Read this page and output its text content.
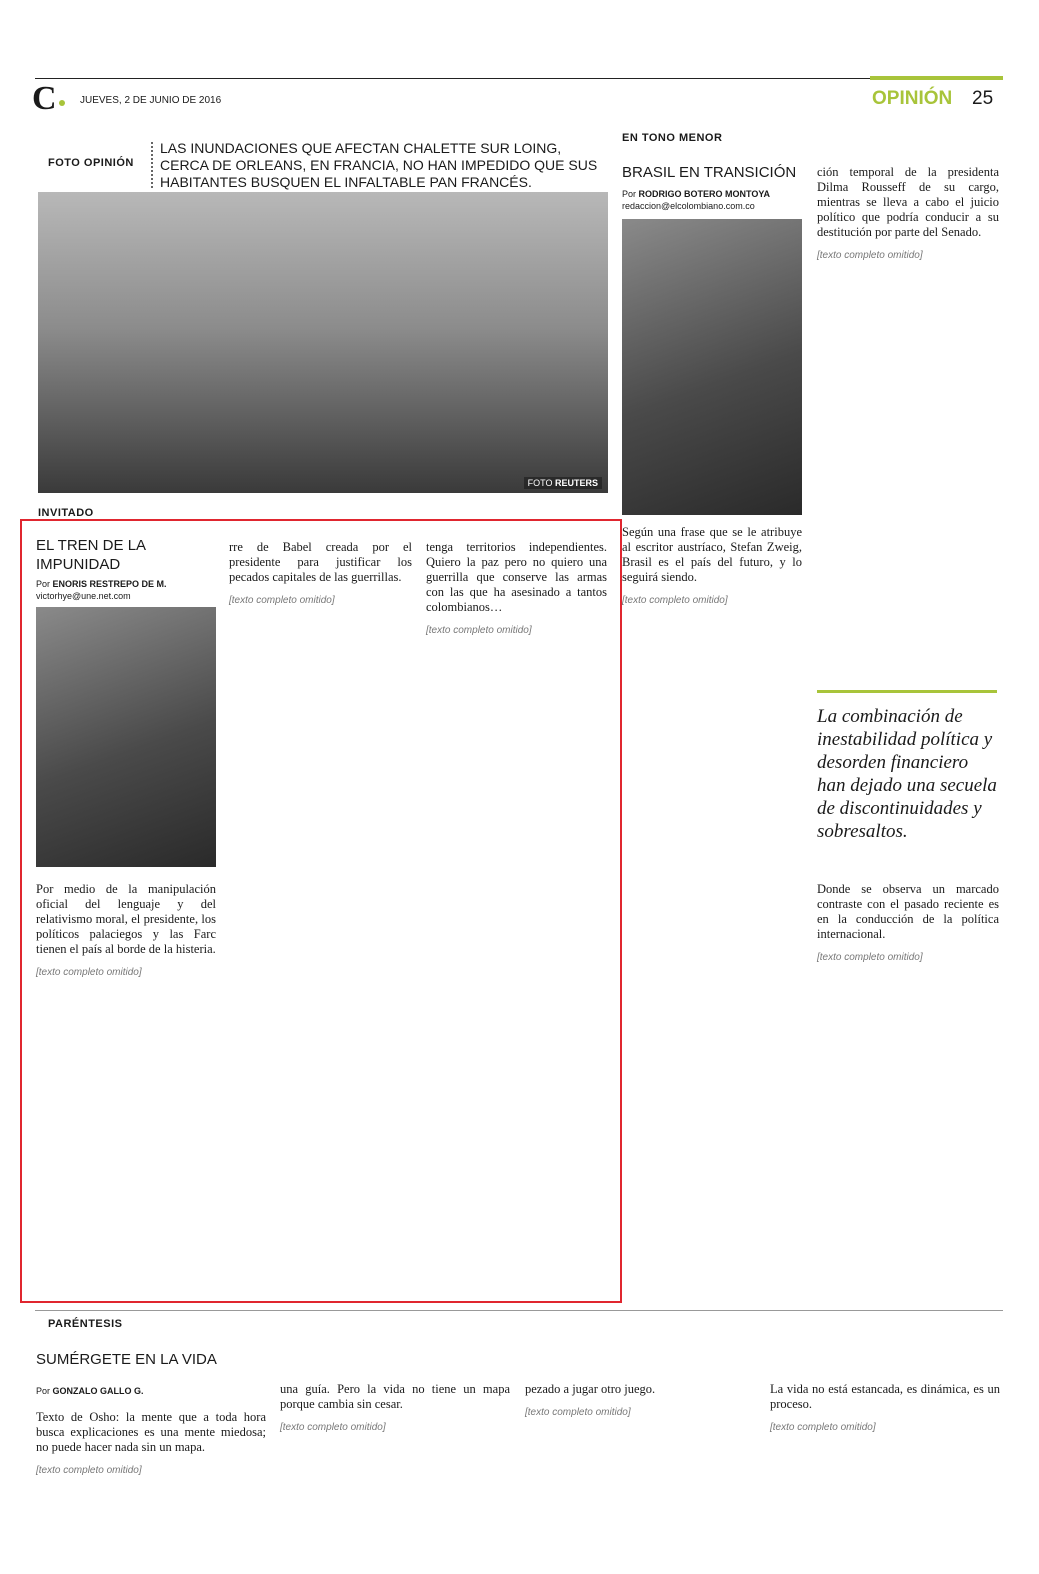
C JUEVES, 2 DE JUNIO DE 2016	OPINIÓN 25
FOTO OPINIÓN
LAS INUNDACIONES QUE AFECTAN CHALETTE SUR LOING, CERCA DE ORLEANS, EN FRANCIA, NO HAN IMPEDIDO QUE SUS HABITANTES BUSQUEN EL INFALTABLE PAN FRANCÉS.
FOTO REUTERS
INVITADO
EL TREN DE LA IMPUNIDAD
Por ENORIS RESTREPO DE M.
victorhye@une.net.com
Por medio de la manipulación oficial del lenguaje y del relativismo moral, el presidente, los políticos palaciegos y las Farc tienen el país al borde de la histeria.
[texto completo omitido]
rre de Babel creada por el presidente para justificar los pecados capitales de las guerrillas.
[texto completo omitido]
tenga territorios independientes. Quiero la paz pero no quiero una guerrilla que conserve las armas con las que ha asesinado a tantos colombianos…
[texto completo omitido]
EN TONO MENOR
BRASIL EN TRANSICIÓN
Por RODRIGO BOTERO MONTOYA
redaccion@elcolombiano.com.co
Según una frase que se le atribuye al escritor austríaco, Stefan Zweig, Brasil es el país del futuro, y lo seguirá siendo.
[texto completo omitido]
ción temporal de la presidenta Dilma Rousseff de su cargo, mientras se lleva a cabo el juicio político que podría conducir a su destitución por parte del Senado.
[texto completo omitido]
La combinación de inestabilidad política y desorden financiero han dejado una secuela de discontinuidades y sobresaltos.
Donde se observa un marcado contraste con el pasado reciente es en la conducción de la política internacional.
[texto completo omitido]
PARÉNTESIS
SUMÉRGETE EN LA VIDA
Por GONZALO GALLO G.
Texto de Osho: la mente que a toda hora busca explicaciones es una mente miedosa; no puede hacer nada sin un mapa.
[texto completo omitido]
una guía. Pero la vida no tiene un mapa porque cambia sin cesar.
[texto completo omitido]
pezado a jugar otro juego.
[texto completo omitido]
La vida no está estancada, es dinámica, es un proceso.
[texto completo omitido]
